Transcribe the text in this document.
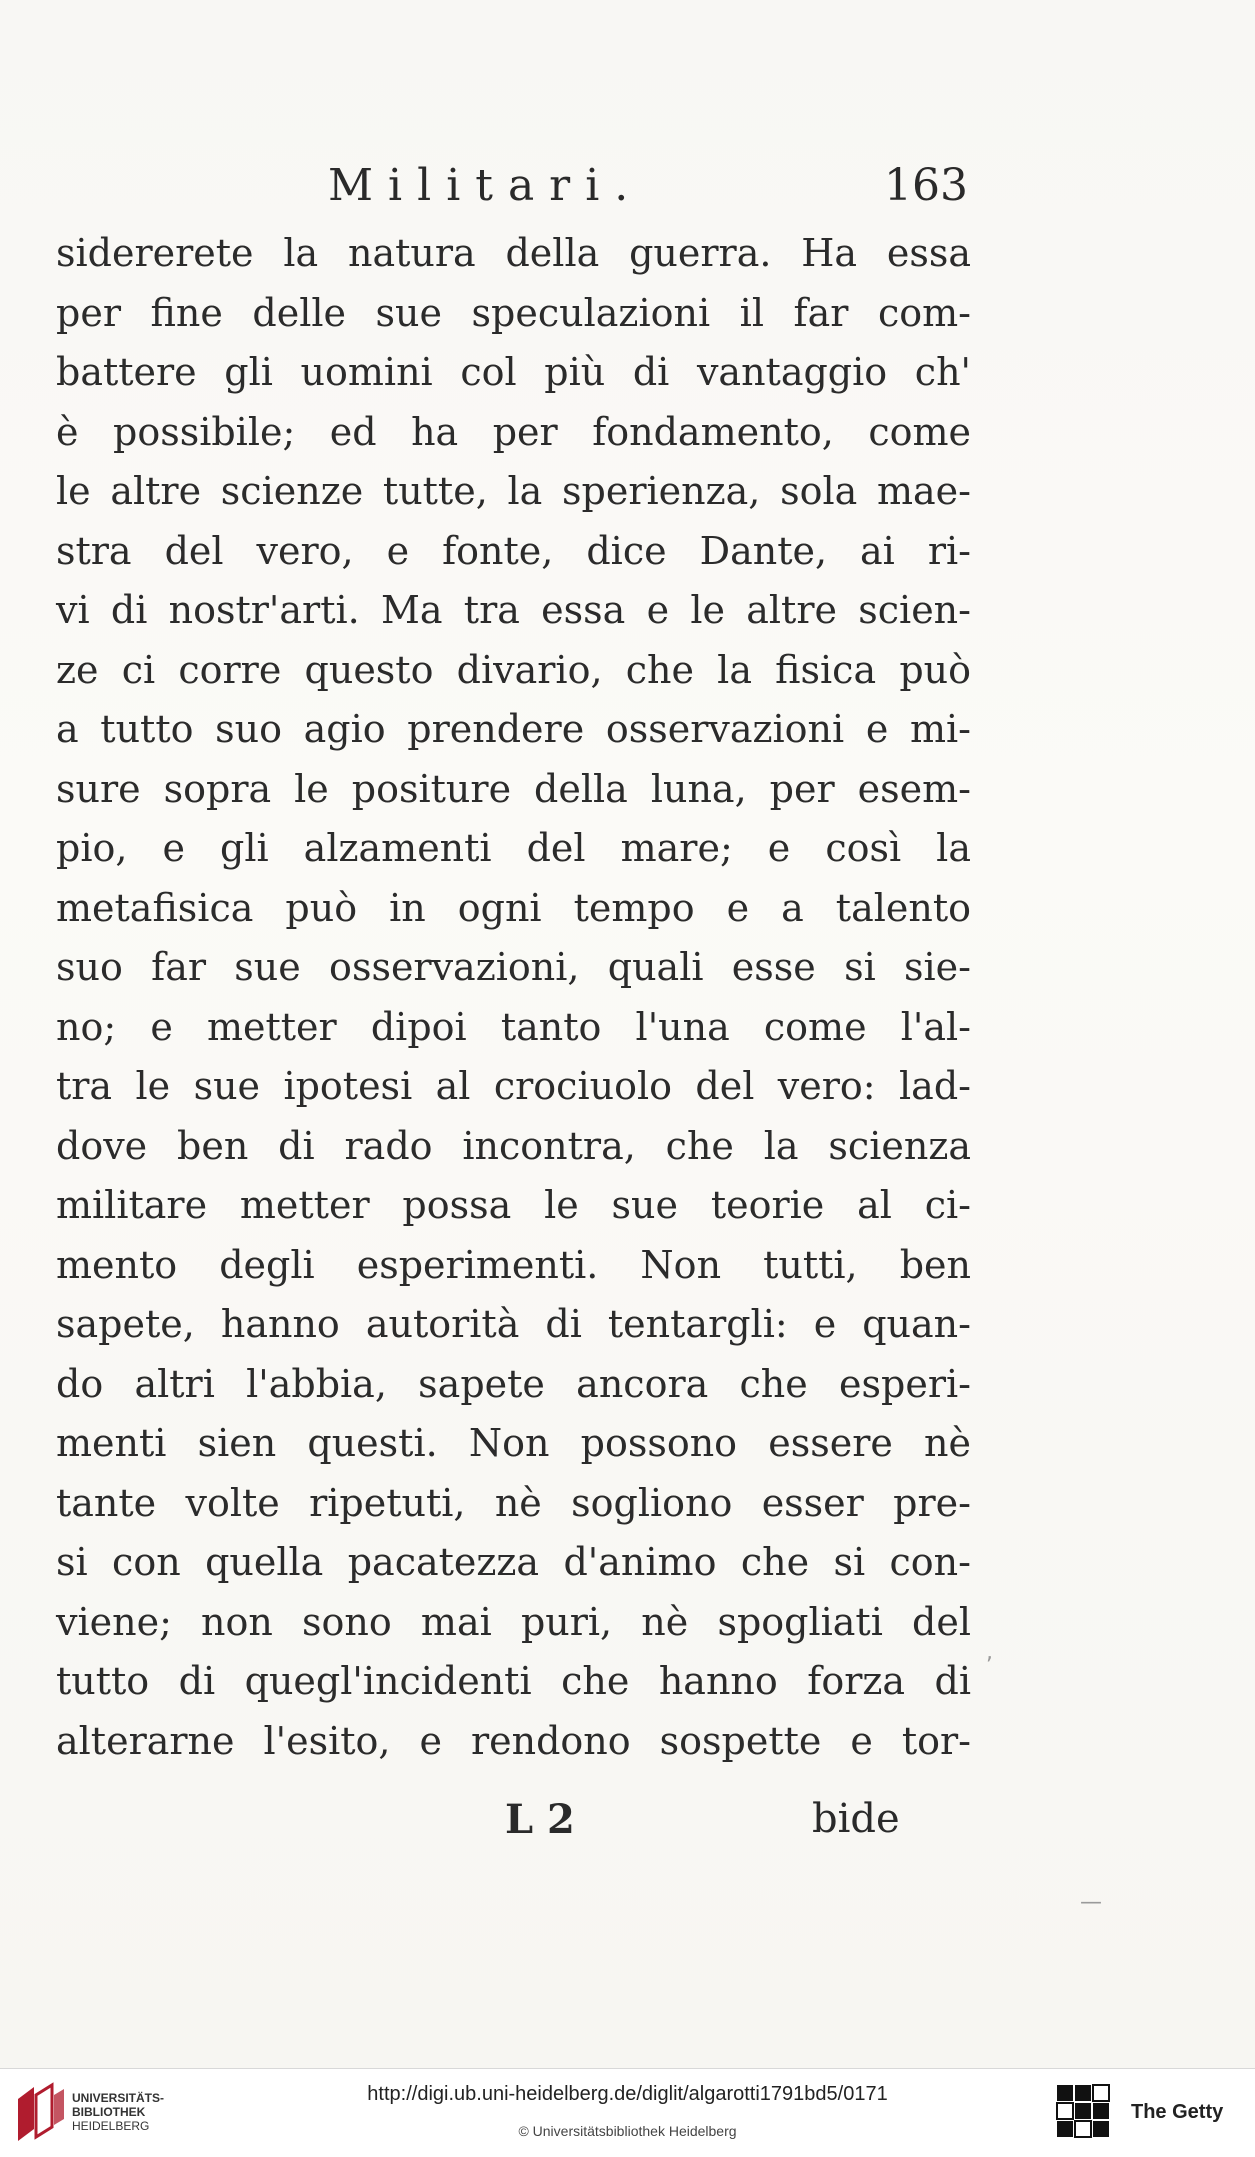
Militari.	163
sidererete la natura della guerra. Ha essa
per fine delle sue speculazioni il far com-
battere gli uomini col più di vantaggio ch'
è possibile; ed ha per fondamento, come
le altre scienze tutte, la sperienza, sola mae-
stra del vero, e fonte, dice Dante, ai ri-
vi di nostr'arti. Ma tra essa e le altre scien-
ze ci corre questo divario, che la fisica può
a tutto suo agio prendere osservazioni e mi-
sure sopra le positure della luna, per esem-
pio, e gli alzamenti del mare; e così la
metafisica può in ogni tempo e a talento
suo far sue osservazioni, quali esse si sie-
no; e metter dipoi tanto l'una come l'al-
tra le sue ipotesi al crociuolo del vero: lad-
dove ben di rado incontra, che la scienza
militare metter possa le sue teorie al ci-
mento degli esperimenti. Non tutti, ben
sapete, hanno autorità di tentargli: e quan-
do altri l'abbia, sapete ancora che esperi-
menti sien questi. Non possono essere nè
tante volte ripetuti, nè sogliono esser pre-
si con quella pacatezza d'animo che si con-
viene; non sono mai puri, nè spogliati del
tutto di quegl'incidenti che hanno forza di
alterarne l'esito, e rendono sospette e tor-
L 2	bide
,
—
UNIVERSITÄTS-
BIBLIOTHEK
HEIDELBERG
http://digi.ub.uni-heidelberg.de/diglit/algarotti1791bd5/0171
© Universitätsbibliothek Heidelberg
The Getty
